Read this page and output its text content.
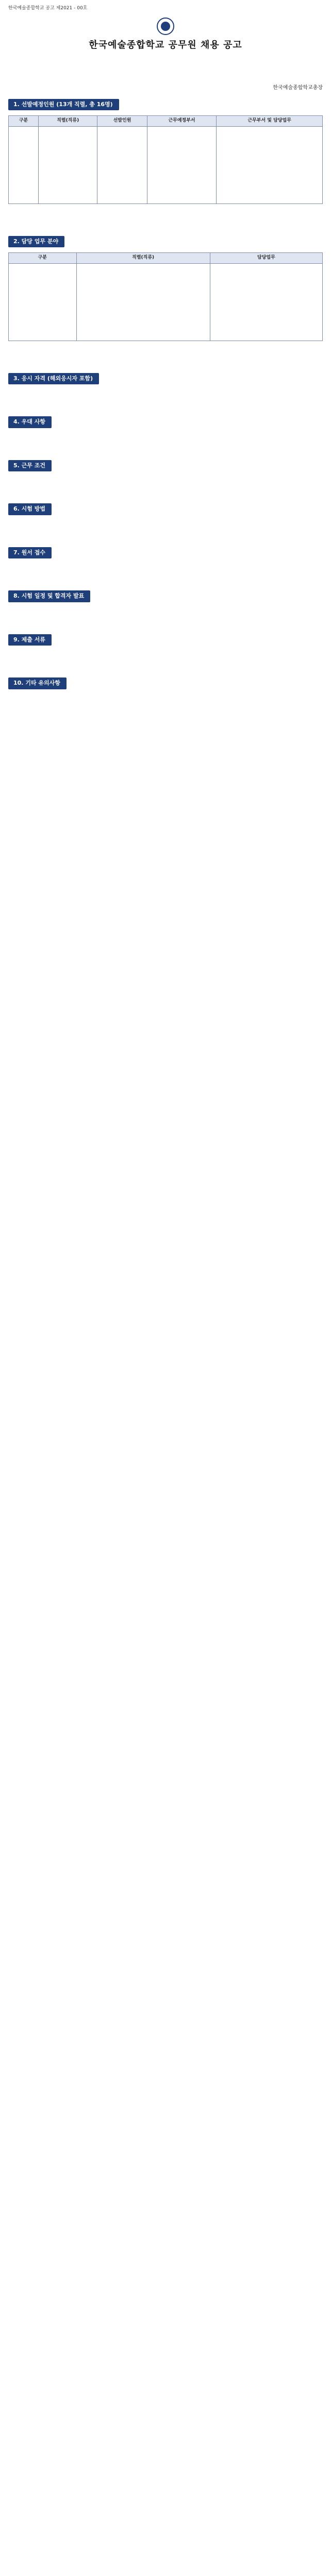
한국예술종합학교 공고 제2021 - 00호
한국예술종합학교 공무원 채용 공고

한국예술종합학교총장
1. 선발예정인원 (13개 직렬, 총 16명)
구분	직렬(직류)	선발인원	근무예정부서	근무부서 및 담당업무

2. 담당 업무 분야
구분	직렬(직류)	담당업무

3. 응시 자격 (해외응시자 포함)

4. 우대 사항

5. 근무 조건

6. 시험 방법

7. 원서 접수

8. 시험 일정 및 합격자 발표

9. 제출 서류

10. 기타 유의사항
